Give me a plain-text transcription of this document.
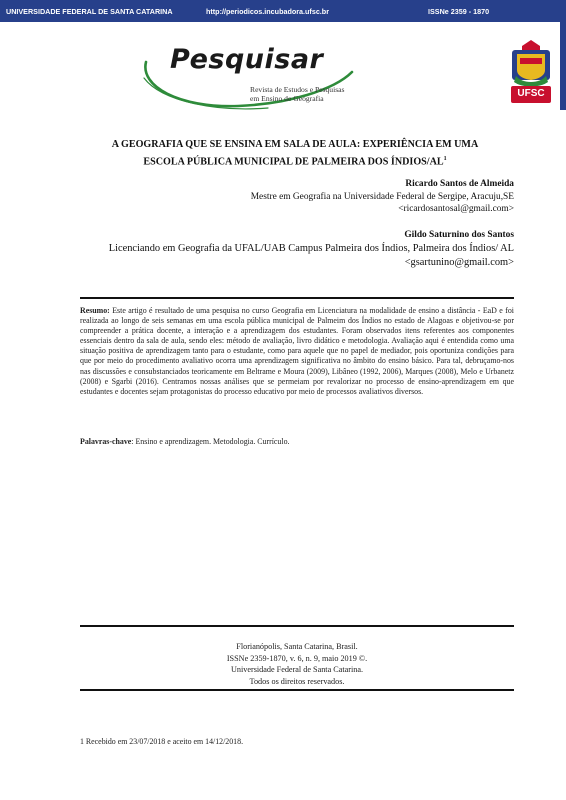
UNIVERSIDADE FEDERAL DE SANTA CATARINA	http://periodicos.incubadora.ufsc.br	ISSNe 2359 - 1870
Pesquisar
Revista de Estudos e Pesquisas
em Ensino de Geografia	UFSC
A GEOGRAFIA QUE SE ENSINA EM SALA DE AULA: EXPERIÊNCIA EM UMA
ESCOLA PÚBLICA MUNICIPAL DE PALMEIRA DOS ÍNDIOS/$AL^1$
Ricardo Santos de Almeida
Mestre em Geografia na Universidade Federal de Sergipe, Aracuju,SE
<ricardosantosal@gmail.com>
Gildo Saturnino dos Santos
Licenciando em Geografia da UFAL/UAB Campus Palmeira dos Índios, Palmeira dos Índios/ AL
<gsartunino@gmail.com>

Resumo: Este artigo é resultado de uma pesquisa no curso Geografia em Licenciatura na modalidade de ensino a distância - EaD e foi realizada ao longo de seis semanas em uma escola pública municipal de Palmeim dos Índios no estado de Alagoas e objetivou-se por compreender a prática docente, a interação e a aprendizagem dos estudantes. Foram observados itens referentes aos componentes essenciais dentro da sala de aula, sendo eles: método de avaliação, livro didático e metodologia. Avaliação aqui é entendida como uma situação positiva de aprendizagem tanto para o estudante, como para aquele que no papel de mediador, pois oportuniza condições para que por meio do procedimento avaliativo ocorra uma aprendizagem significativa no âmbito do ensino básico. Para tal, debruçamo-nos nas discussões e consubstanciados teoricamente em Beltrame e Moura (2009), Libâneo (1992, 2006), Marques (2008), Melo e Urbanetz (2008) e Sgarbi (2016). Centramos nossas análises que se permeiam por revalorizar no processo de ensino-aprendizagem em que estudantes e docentes sejam protagonistas do processo educativo por meio de processos avaliativos diversos.

Palavras-chave: Ensino e aprendizagem. Metodologia. Currículo.

Florianópolis, Santa Catarina, Brasil.
ISSNe 2359-1870, v. 6, n. 9, maio 2019 ©.
Universidade Federal de Santa Catarina.
Todos os direitos reservados.
1 Recebido em 23/07/2018 e aceito em 14/12/2018.
